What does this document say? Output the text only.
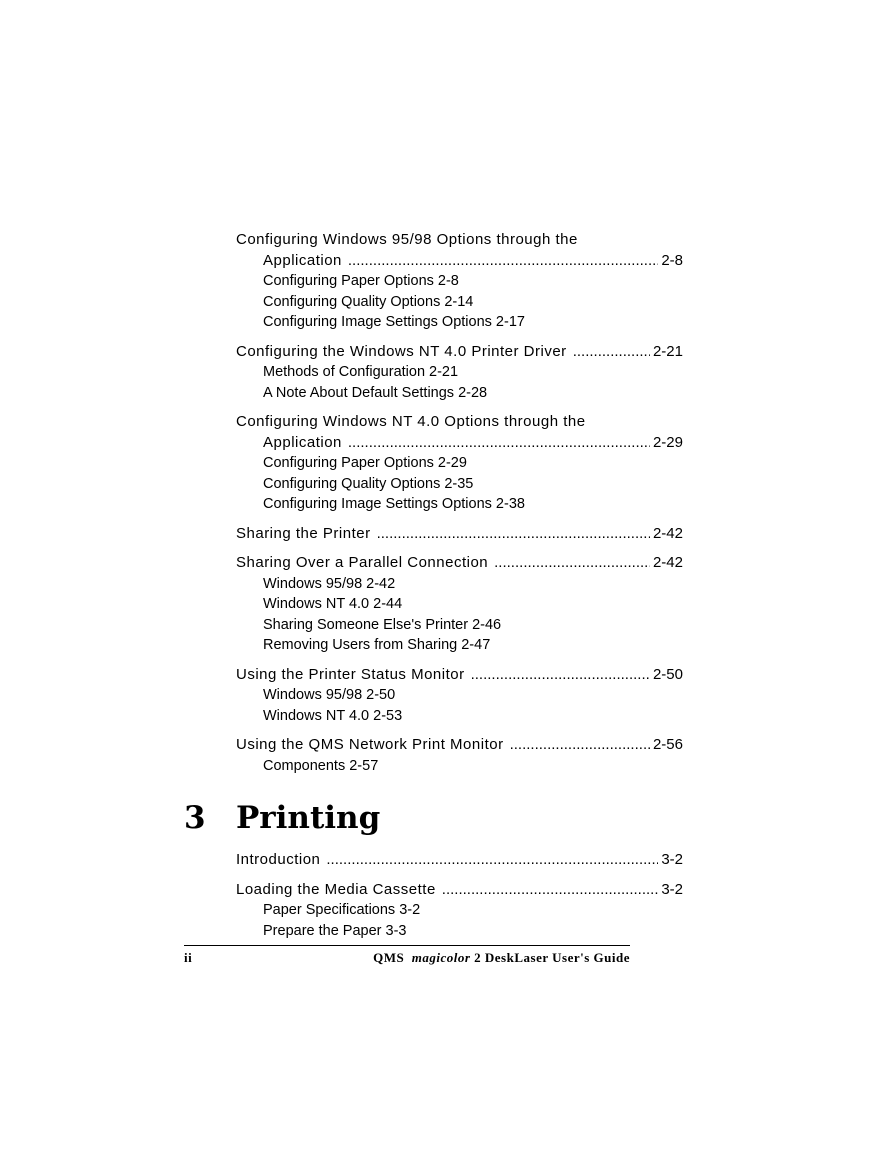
Configuring Windows 95/98 Options through the
Application .....	2-8
Configuring Paper Options 2-8
Configuring Quality Options 2-14
Configuring Image Settings Options 2-17
Configuring the Windows NT 4.0 Printer Driver .....	2-21
Methods of Configuration 2-21
A Note About Default Settings 2-28
Configuring Windows NT 4.0 Options through the
Application .....	2-29
Configuring Paper Options 2-29
Configuring Quality Options 2-35
Configuring Image Settings Options 2-38
Sharing the Printer .....	2-42
Sharing Over a Parallel Connection .....	2-42
Windows 95/98 2-42
Windows NT 4.0 2-44
Sharing Someone Else's Printer 2-46
Removing Users from Sharing 2-47
Using the Printer Status Monitor .....	2-50
Windows 95/98 2-50
Windows NT 4.0 2-53
Using the QMS Network Print Monitor .....	2-56
Components 2-57
3 Printing
Introduction .....	3-2
Loading the Media Cassette .....	3-2
Paper Specifications 3-2
Prepare the Paper 3-3
ii	QMS magicolor 2 DeskLaser User's Guide
